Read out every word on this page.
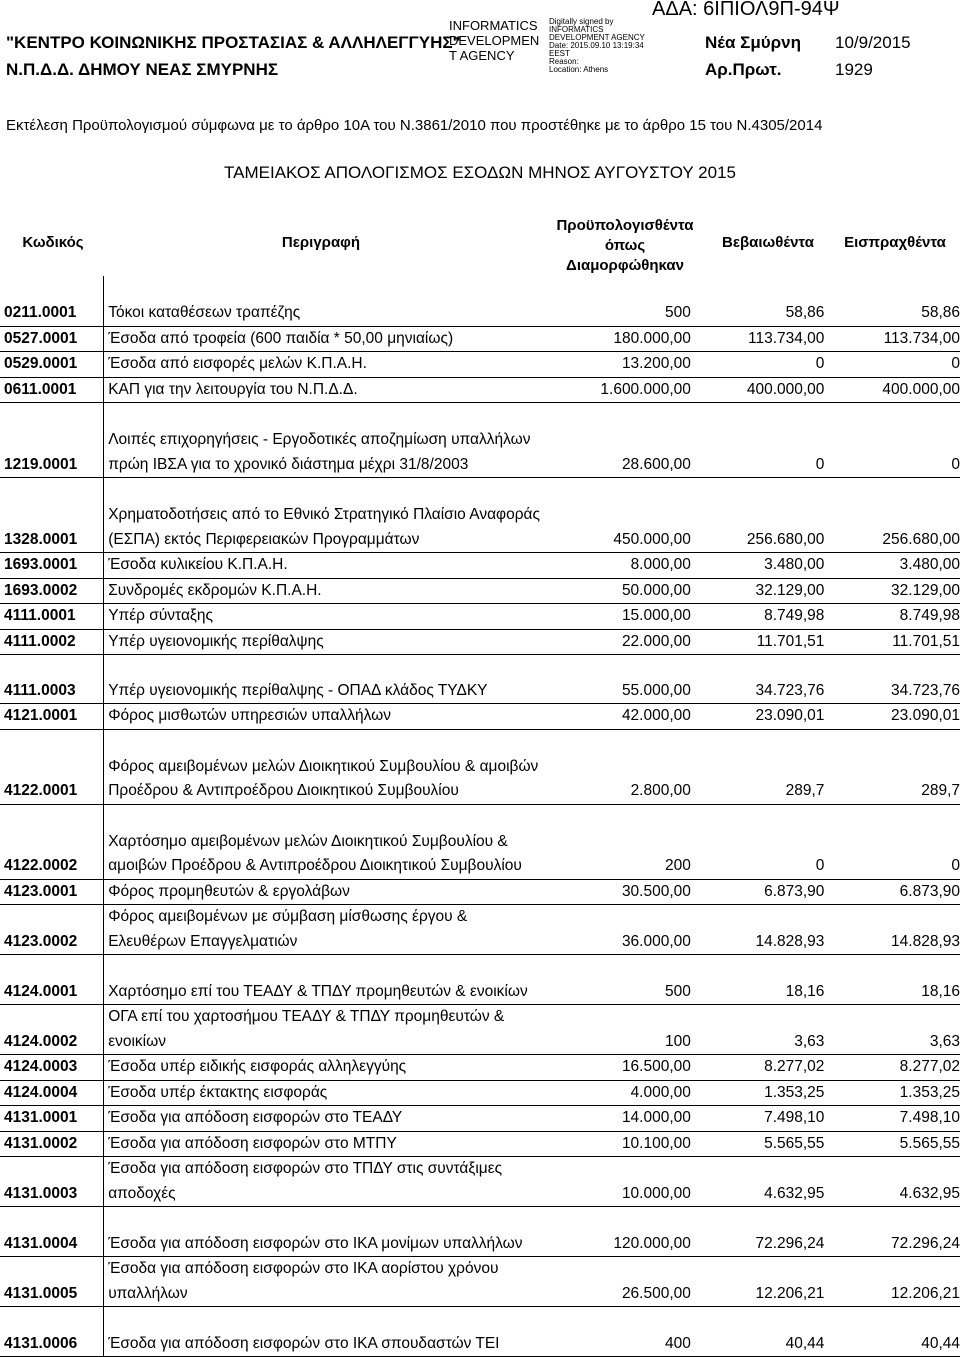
"ΚΕΝΤΡΟ ΚΟΙΝΩΝΙΚΗΣ ΠΡΟΣΤΑΣΙΑΣ & ΑΛΛΗΛΕΓΓΥΗΣ"
Ν.Π.Δ.Δ. ΔΗΜΟΥ ΝΕΑΣ ΣΜΥΡΝΗΣ
INFORMATICS
DEVELOPMEN
T AGENCY
Digitally signed by
INFORMATICS
DEVELOPMENT AGENCY
Date: 2015.09.10 13:19:34
EEST
Reason:
Location: Athens
ΑΔΑ: 6ΙΠΙΟΛ9Π-94Ψ
Νέα Σμύρνη 10/9/2015
Αρ.Πρωτ.	1929
Εκτέλεση Προϋπολογισμού σύμφωνα με το άρθρο 10Α του Ν.3861/2010 που προστέθηκε με το άρθρο 15 του Ν.4305/2014
ΤΑΜΕΙΑΚΟΣ ΑΠΟΛΟΓΙΣΜΟΣ ΕΣΟΔΩΝ ΜΗΝΟΣ ΑΥΓΟΥΣΤΟΥ 2015
Κωδικός	Περιγραφή
Προϋπολογισθέντα
όπως
Διαμορφώθηκαν
Βεβαιωθέντα	Εισπραχθέντα
0211.0001	Τόκοι καταθέσεων τραπέζης	500	58,86	58,86
0527.0001	Έσοδα από τροφεία (600 παιδία * 50,00 μηνιαίως)	180.000,00	113.734,00	113.734,00
0529.0001	Έσοδα από εισφορές μελών Κ.Π.Α.Η.	13.200,00	0	0
0611.0001	ΚΑΠ για την λειτουργία του Ν.Π.Δ.Δ.	1.600.000,00	400.000,00	400.000,00
1219.0001	Λοιπές επιχορηγήσεις - Εργοδοτικές αποζημίωση υπαλλήλων πρώη ΙΒΣΑ για το χρονικό διάστημα μέχρι 31/8/2003	28.600,00	0	0
1328.0001	Χρηματοδοτήσεις από το Εθνικό Στρατηγικό Πλαίσιο Αναφοράς (ΕΣΠΑ) εκτός Περιφερειακών Προγραμμάτων	450.000,00	256.680,00	256.680,00
1693.0001	Έσοδα κυλικείου Κ.Π.Α.Η.	8.000,00	3.480,00	3.480,00
1693.0002	Συνδρομές εκδρομών Κ.Π.Α.Η.	50.000,00	32.129,00	32.129,00
4111.0001	Υπέρ σύνταξης	15.000,00	8.749,98	8.749,98
4111.0002	Υπέρ υγειονομικής περίθαλψης	22.000,00	11.701,51	11.701,51
4111.0003	Υπέρ υγειονομικής περίθαλψης - ΟΠΑΔ κλάδος ΤΥΔΚΥ	55.000,00	34.723,76	34.723,76
4121.0001	Φόρος μισθωτών υπηρεσιών υπαλλήλων	42.000,00	23.090,01	23.090,01
4122.0001	Φόρος αμειβομένων μελών Διοικητικού Συμβουλίου & αμοιβών Προέδρου & Αντιπροέδρου Διοικητικού Συμβουλίου	2.800,00	289,7	289,7
4122.0002	Χαρτόσημο αμειβομένων μελών Διοικητικού Συμβουλίου & αμοιβών Προέδρου & Αντιπροέδρου Διοικητικού Συμβουλίου	200	0	0
4123.0001	Φόρος προμηθευτών & εργολάβων	30.500,00	6.873,90	6.873,90
4123.0002	Φόρος αμειβομένων με σύμβαση μίσθωσης έργου & Ελευθέρων Επαγγελματιών	36.000,00	14.828,93	14.828,93
4124.0001	Χαρτόσημο επί του ΤΕΑΔΥ & ΤΠΔΥ προμηθευτών & ενοικίων	500	18,16	18,16
4124.0002	ΟΓΑ επί του χαρτοσήμου ΤΕΑΔΥ & ΤΠΔΥ προμηθευτών & ενοικίων	100	3,63	3,63
4124.0003	Έσοδα υπέρ ειδικής εισφοράς αλληλεγγύης	16.500,00	8.277,02	8.277,02
4124.0004	Έσοδα υπέρ έκτακτης εισφοράς	4.000,00	1.353,25	1.353,25
4131.0001	Έσοδα για απόδοση εισφορών στο ΤΕΑΔΥ	14.000,00	7.498,10	7.498,10
4131.0002	Έσοδα για απόδοση εισφορών στο ΜΤΠΥ	10.100,00	5.565,55	5.565,55
4131.0003	Έσοδα για απόδοση εισφορών στο ΤΠΔΥ στις συντάξιμες αποδοχές	10.000,00	4.632,95	4.632,95
4131.0004	Έσοδα για απόδοση εισφορών στο ΙΚΑ μονίμων υπαλλήλων	120.000,00	72.296,24	72.296,24
4131.0005	Έσοδα για απόδοση εισφορών στο ΙΚΑ αορίστου χρόνου υπαλλήλων	26.500,00	12.206,21	12.206,21
4131.0006	Έσοδα για απόδοση εισφορών στο ΙΚΑ σπουδαστών ΤΕΙ	400	40,44	40,44
